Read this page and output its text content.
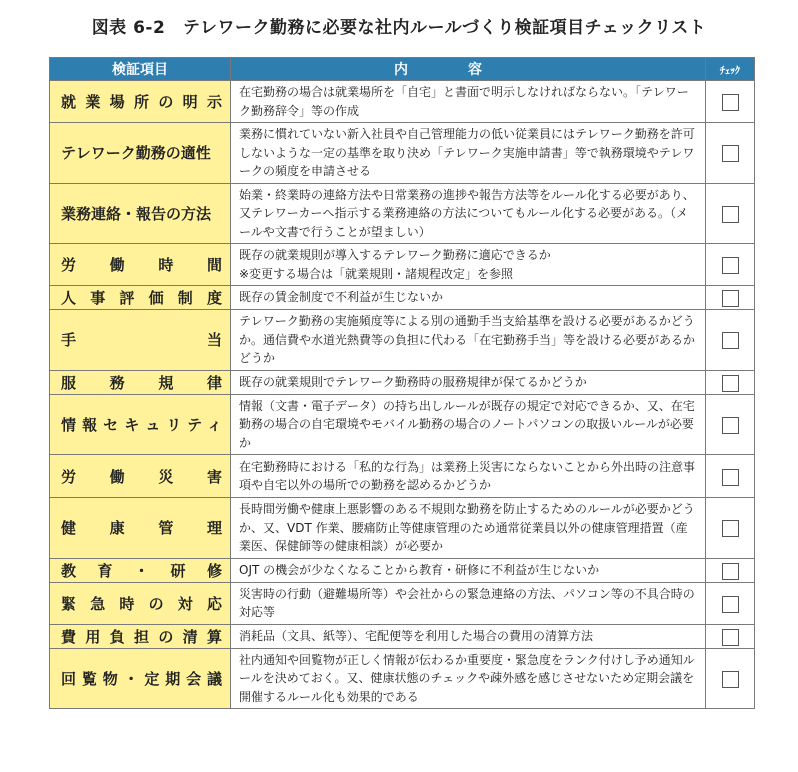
図表 6-2　テレワーク勤務に必要な社内ルールづくり検証項目チェックリスト
検証項目	内容	ﾁｪｯｸ
就業場所の明示	在宅勤務の場合は就業場所を「自宅」と書面で明示しなければならない。「テレワーク勤務辞令」等の作成	
テレワーク勤務の適性	業務に慣れていない新入社員や自己管理能力の低い従業員にはテレワーク勤務を許可しないような一定の基準を取り決め「テレワーク実施申請書」等で執務環境やテレワークの頻度を申請させる	
業務連絡・報告の方法	始業・終業時の連絡方法や日常業務の進捗や報告方法等をルール化する必要があり、又テレワーカーへ指示する業務連絡の方法についてもルール化する必要がある。（メールや文書で行うことが望ましい）	
労働時間	既存の就業規則が導入するテレワーク勤務に適応できるか
※変更する場合は「就業規則・諸規程改定」を参照	
人事評価制度	既存の賃金制度で不利益が生じないか	
手当	テレワーク勤務の実施頻度等による別の通勤手当支給基準を設ける必要があるかどうか。通信費や水道光熱費等の負担に代わる「在宅勤務手当」等を設ける必要があるかどうか	
服務規律	既存の就業規則でテレワーク勤務時の服務規律が保てるかどうか	
情報セキュリティ	情報（文書・電子データ）の持ち出しルールが既存の規定で対応できるか、又、在宅勤務の場合の自宅環境やモバイル勤務の場合のノートパソコンの取扱いルールが必要か	
労働災害	在宅勤務時における「私的な行為」は業務上災害にならないことから外出時の注意事項や自宅以外の場所での勤務を認めるかどうか	
健康管理	長時間労働や健康上悪影響のある不規則な勤務を防止するためのルールが必要かどうか、又、VDT 作業、腰痛防止等健康管理のため通常従業員以外の健康管理措置（産業医、保健師等の健康相談）が必要か	
教育・研修	OJT の機会が少なくなることから教育・研修に不利益が生じないか	
緊急時の対応	災害時の行動（避難場所等）や会社からの緊急連絡の方法、パソコン等の不具合時の対応等	
費用負担の清算	消耗品（文具、紙等）、宅配便等を利用した場合の費用の清算方法	
回覧物・定期会議	社内通知や回覧物が正しく情報が伝わるか重要度・緊急度をランク付けし予め通知ルールを決めておく。又、健康状態のチェックや疎外感を感じさせないため定期会議を開催するルール化も効果的である	
